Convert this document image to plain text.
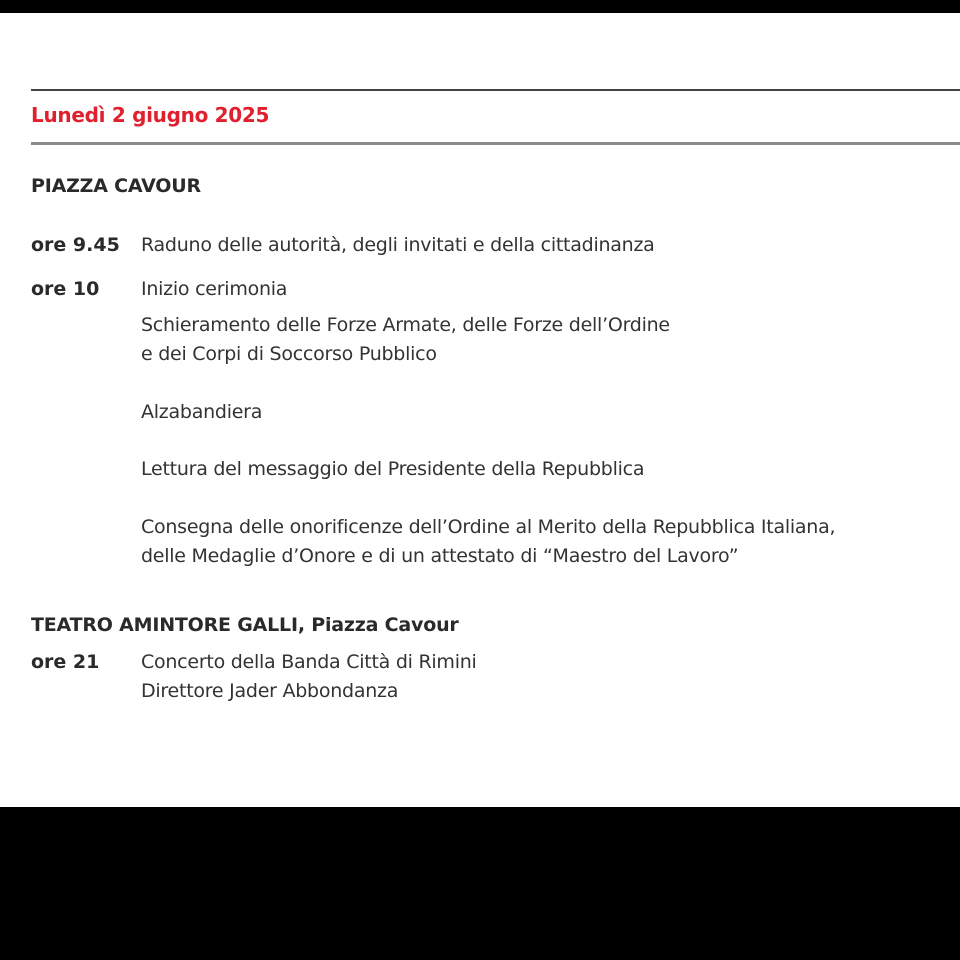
Lunedì 2 giugno 2025
PIAZZA CAVOUR
ore 9.45 Raduno delle autorità, degli invitati e della cittadinanza
ore 10 Inizio cerimonia
Schieramento delle Forze Armate, delle Forze dell’Ordine
e dei Corpi di Soccorso Pubblico
Alzabandiera
Lettura del messaggio del Presidente della Repubblica
Consegna delle onorificenze dell’Ordine al Merito della Repubblica Italiana,
delle Medaglie d’Onore e di un attestato di “Maestro del Lavoro”
TEATRO AMINTORE GALLI, Piazza Cavour
ore 21 Concerto della Banda Città di Rimini
Direttore Jader Abbondanza
